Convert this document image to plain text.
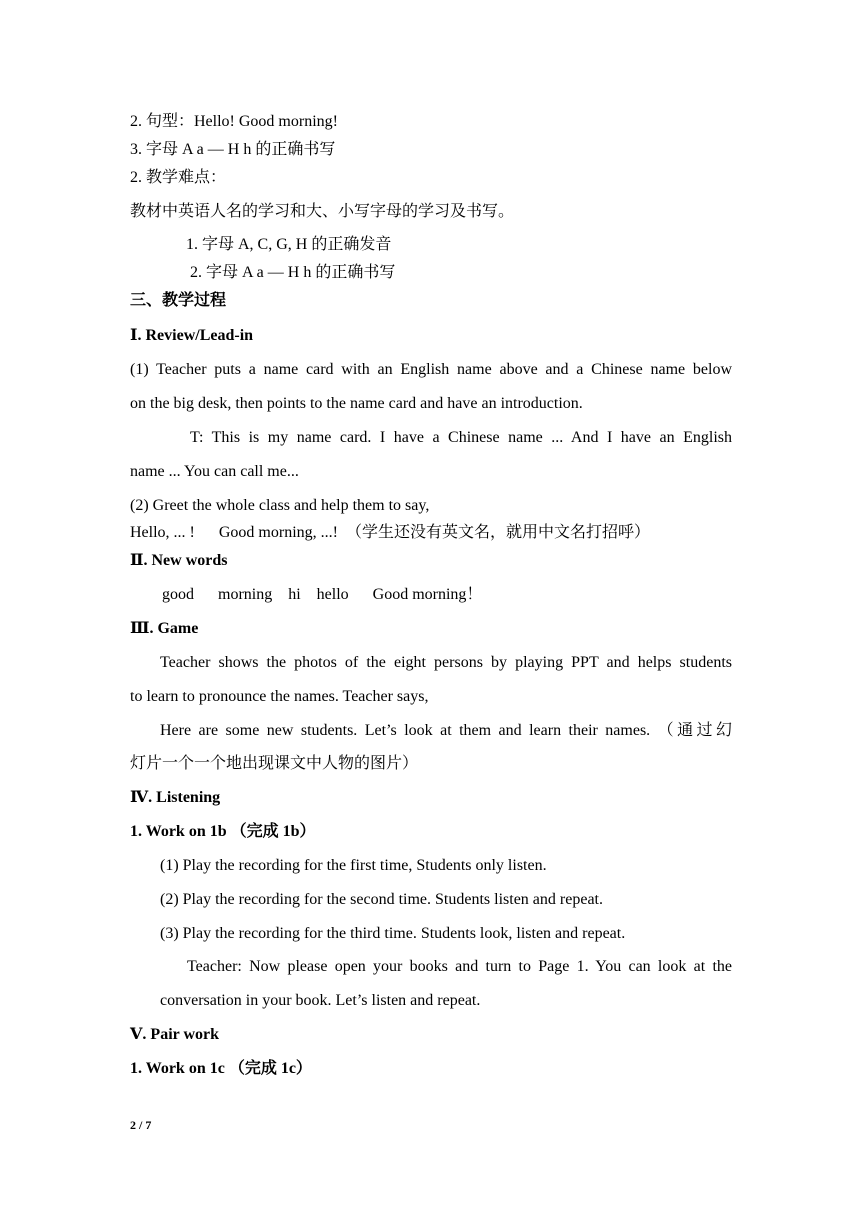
2. 句型：Hello! Good morning!
3. 字母 A a — H h 的正确书写
2. 教学难点：
教材中英语人名的学习和大、小写字母的学习及书写。
1. 字母 A, C, G, H 的正确发音
2. 字母 A a — H h 的正确书写
三、教学过程
Ⅰ. Review/Lead-in
(1) Teacher puts a name card with an English name above and a Chinese name below
on the big desk, then points to the name card and have an introduction.
T: This is my name card. I have a Chinese name ... And I have an English
name ... You can call me...
(2) Greet the whole class and help them to say,
Hello, ... !      Good morning, ...!  （学生还没有英文名，就用中文名打招呼）
Ⅱ. New words
good      morning    hi    hello      Good morning！
Ⅲ. Game
Teacher shows the photos of the eight persons by playing PPT and helps students
to learn to pronounce the names. Teacher says,
Here are some new students. Let’s look at them and learn their names. （通过幻
灯片一个一个地出现课文中人物的图片）
Ⅳ. Listening
1. Work on 1b （完成 1b）
(1) Play the recording for the first time, Students only listen.
(2) Play the recording for the second time. Students listen and repeat.
(3) Play the recording for the third time. Students look, listen and repeat.
Teacher: Now please open your books and turn to Page 1. You can look at the
conversation in your book. Let’s listen and repeat.
Ⅴ. Pair work
1. Work on 1c （完成 1c）
2 / 7
